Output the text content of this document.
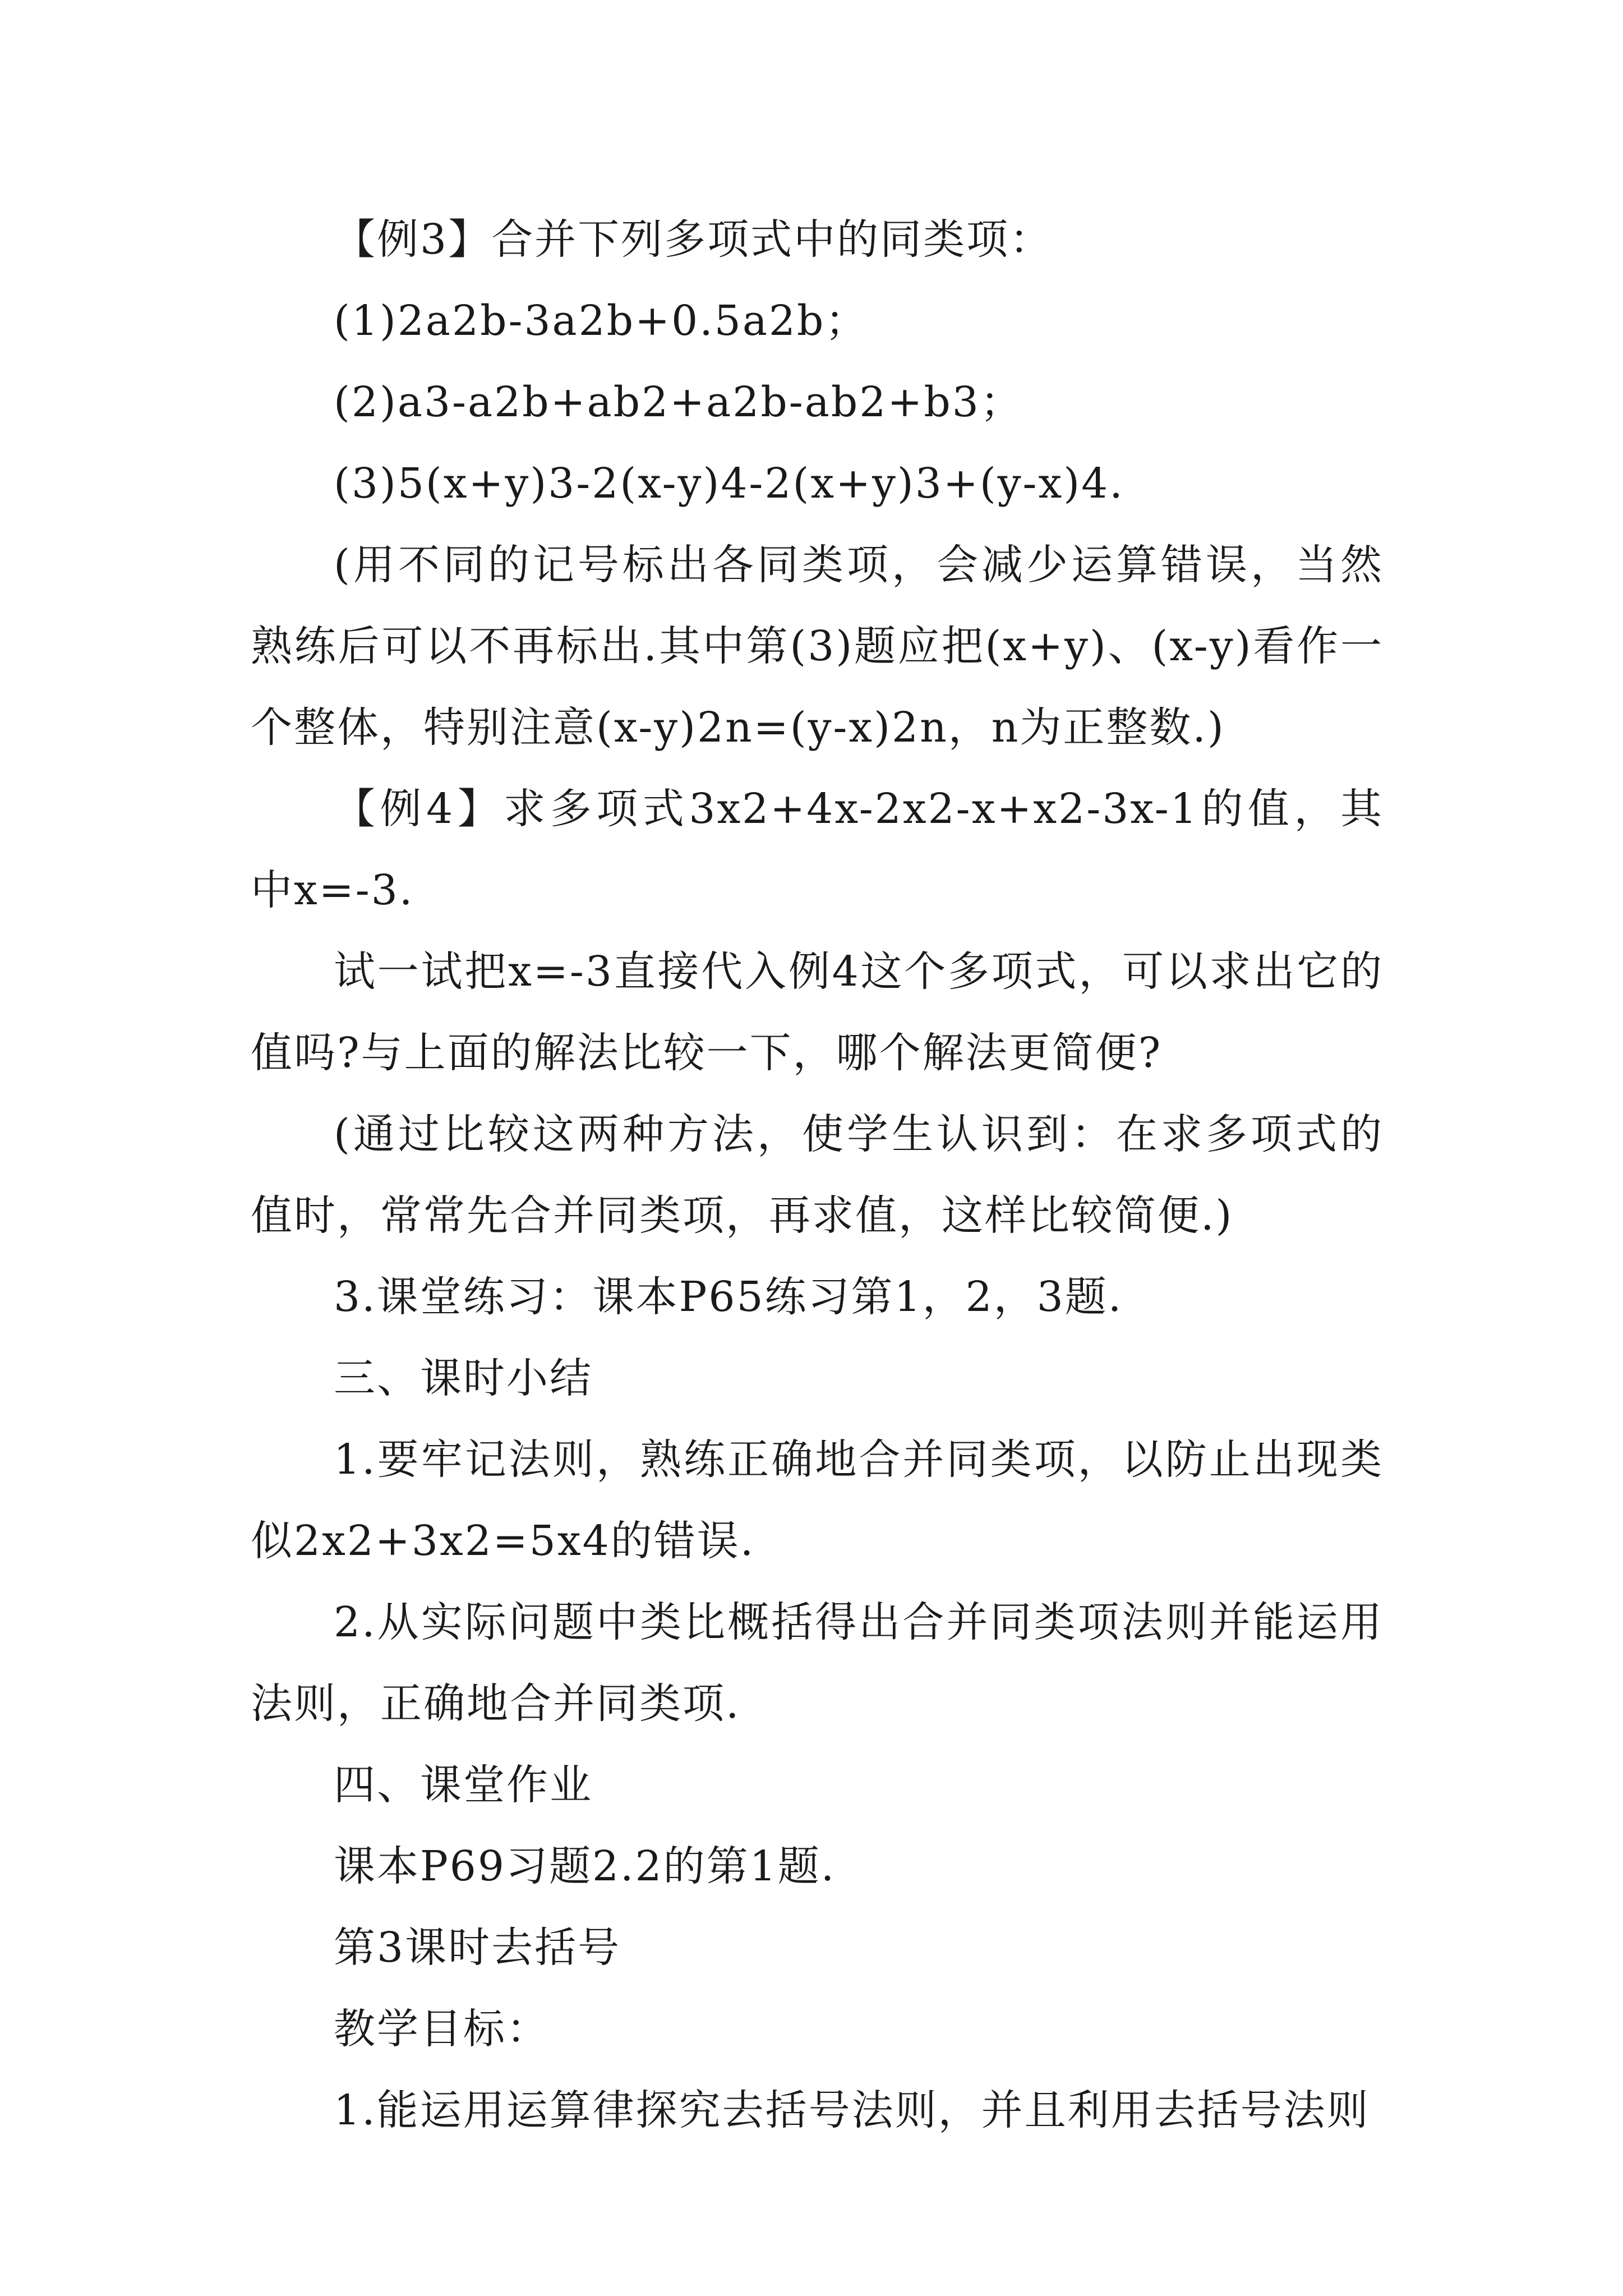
【例3】合并下列多项式中的同类项：

(1)2a2b-3a2b+0.5a2b；

(2)a3-a2b+ab2+a2b-ab2+b3；

(3)5(x+y)3-2(x-y)4-2(x+y)3+(y-x)4.

(用不同的记号标出各同类项，会减少运算错误，当然熟练后可以不再标出.其中第(3)题应把(x+y)、(x-y)看作一个整体，特别注意(x-y)2n=(y-x)2n，n为正整数.)

【例4】求多项式3x2+4x-2x2-x+x2-3x-1的值，其中x=-3.

试一试把x=-3直接代入例4这个多项式，可以求出它的值吗?与上面的解法比较一下，哪个解法更简便?

(通过比较这两种方法，使学生认识到：在求多项式的值时，常常先合并同类项，再求值，这样比较简便.)

3.课堂练习：课本P65练习第1，2，3题.

三、课时小结

1.要牢记法则，熟练正确地合并同类项，以防止出现类似2x2+3x2=5x4的错误.

2.从实际问题中类比概括得出合并同类项法则并能运用法则，正确地合并同类项.

四、课堂作业

课本P69习题2.2的第1题.

第3课时去括号

教学目标：

1.能运用运算律探究去括号法则，并且利用去括号法则
